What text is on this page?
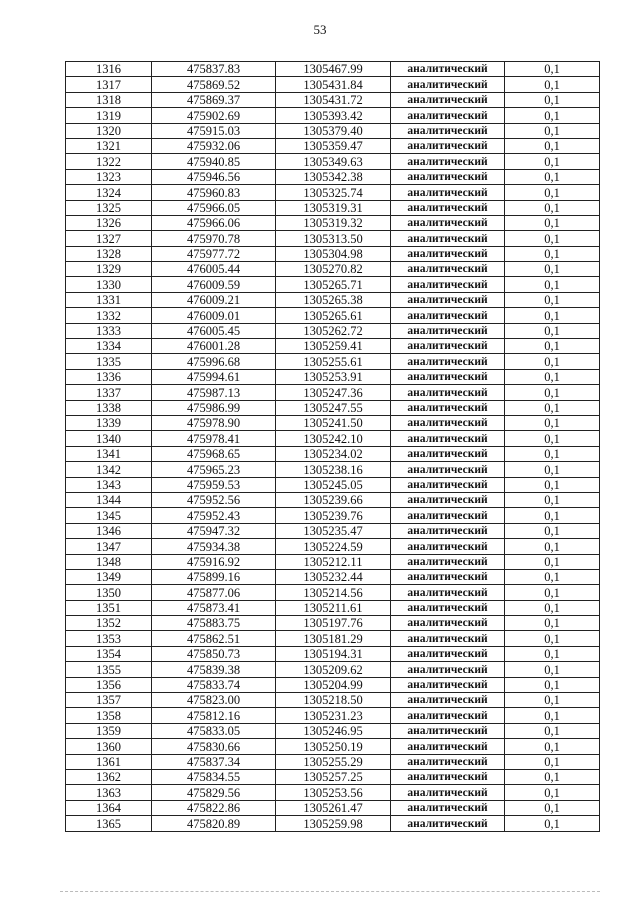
53
1316	475837.83	1305467.99	аналитический	0,1
1317	475869.52	1305431.84	аналитический	0,1
1318	475869.37	1305431.72	аналитический	0,1
1319	475902.69	1305393.42	аналитический	0,1
1320	475915.03	1305379.40	аналитический	0,1
1321	475932.06	1305359.47	аналитический	0,1
1322	475940.85	1305349.63	аналитический	0,1
1323	475946.56	1305342.38	аналитический	0,1
1324	475960.83	1305325.74	аналитический	0,1
1325	475966.05	1305319.31	аналитический	0,1
1326	475966.06	1305319.32	аналитический	0,1
1327	475970.78	1305313.50	аналитический	0,1
1328	475977.72	1305304.98	аналитический	0,1
1329	476005.44	1305270.82	аналитический	0,1
1330	476009.59	1305265.71	аналитический	0,1
1331	476009.21	1305265.38	аналитический	0,1
1332	476009.01	1305265.61	аналитический	0,1
1333	476005.45	1305262.72	аналитический	0,1
1334	476001.28	1305259.41	аналитический	0,1
1335	475996.68	1305255.61	аналитический	0,1
1336	475994.61	1305253.91	аналитический	0,1
1337	475987.13	1305247.36	аналитический	0,1
1338	475986.99	1305247.55	аналитический	0,1
1339	475978.90	1305241.50	аналитический	0,1
1340	475978.41	1305242.10	аналитический	0,1
1341	475968.65	1305234.02	аналитический	0,1
1342	475965.23	1305238.16	аналитический	0,1
1343	475959.53	1305245.05	аналитический	0,1
1344	475952.56	1305239.66	аналитический	0,1
1345	475952.43	1305239.76	аналитический	0,1
1346	475947.32	1305235.47	аналитический	0,1
1347	475934.38	1305224.59	аналитический	0,1
1348	475916.92	1305212.11	аналитический	0,1
1349	475899.16	1305232.44	аналитический	0,1
1350	475877.06	1305214.56	аналитический	0,1
1351	475873.41	1305211.61	аналитический	0,1
1352	475883.75	1305197.76	аналитический	0,1
1353	475862.51	1305181.29	аналитический	0,1
1354	475850.73	1305194.31	аналитический	0,1
1355	475839.38	1305209.62	аналитический	0,1
1356	475833.74	1305204.99	аналитический	0,1
1357	475823.00	1305218.50	аналитический	0,1
1358	475812.16	1305231.23	аналитический	0,1
1359	475833.05	1305246.95	аналитический	0,1
1360	475830.66	1305250.19	аналитический	0,1
1361	475837.34	1305255.29	аналитический	0,1
1362	475834.55	1305257.25	аналитический	0,1
1363	475829.56	1305253.56	аналитический	0,1
1364	475822.86	1305261.47	аналитический	0,1
1365	475820.89	1305259.98	аналитический	0,1
